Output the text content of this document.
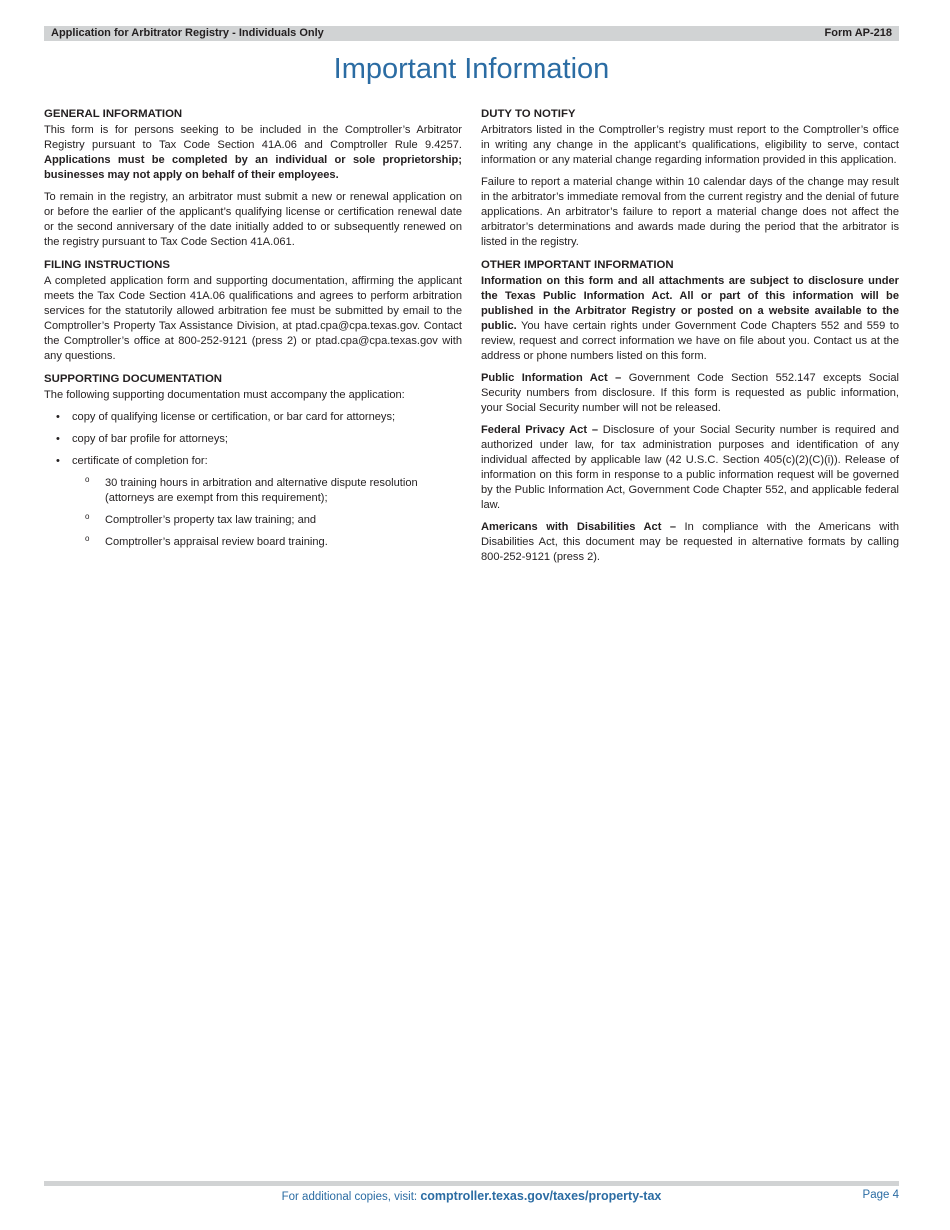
Application for Arbitrator Registry - Individuals Only	Form AP-218
Important Information
GENERAL INFORMATION

This form is for persons seeking to be included in the Comptroller’s Arbitrator Registry pursuant to Tax Code Section 41A.06 and Comptroller Rule 9.4257. Applications must be completed by an individual or sole proprietorship; businesses may not apply on behalf of their employees.

To remain in the registry, an arbitrator must submit a new or renewal application on or before the earlier of the applicant’s qualifying license or certification renewal date or the second anniversary of the date initially added to or subsequently renewed on the registry pursuant to Tax Code Section 41A.061.

FILING INSTRUCTIONS

A completed application form and supporting documentation, affirming the applicant meets the Tax Code Section 41A.06 qualifications and agrees to perform arbitration services for the statutorily allowed arbitration fee must be submitted by email to the Comptroller’s Property Tax Assistance Division, at ptad.cpa@cpa.texas.gov. Contact the Comptroller’s office at 800-252-9121 (press 2) or ptad.cpa@cpa.texas.gov with any questions.

SUPPORTING DOCUMENTATION

The following supporting documentation must accompany the application:

• copy of qualifying license or certification, or bar card for attorneys;
• copy of bar profile for attorneys;
• certificate of completion for:
o 30 training hours in arbitration and alternative dispute resolution (attorneys are exempt from this requirement);
o Comptroller’s property tax law training; and
o Comptroller’s appraisal review board training.
DUTY TO NOTIFY

Arbitrators listed in the Comptroller’s registry must report to the Comptroller’s office in writing any change in the applicant’s qualifications, eligibility to serve, contact information or any material change regarding information provided in this application.

Failure to report a material change within 10 calendar days of the change may result in the arbitrator’s immediate removal from the current registry and the denial of future applications. An arbitrator’s failure to report a material change does not affect the arbitrator’s determinations and awards made during the period that the arbitrator is listed in the registry.

OTHER IMPORTANT INFORMATION

Information on this form and all attachments are subject to disclosure under the Texas Public Information Act. All or part of this information will be published in the Arbitrator Registry or posted on a website available to the public. You have certain rights under Government Code Chapters 552 and 559 to review, request and correct information we have on file about you. Contact us at the address or phone numbers listed on this form.

Public Information Act – Government Code Section 552.147 excepts Social Security numbers from disclosure. If this form is requested as public information, your Social Security number will not be released.

Federal Privacy Act – Disclosure of your Social Security number is required and authorized under law, for tax administration purposes and identification of any individual affected by applicable law (42 U.S.C. Section 405(c)(2)(C)(i)). Release of information on this form in response to a public information request will be governed by the Public Information Act, Government Code Chapter 552, and applicable federal law.

Americans with Disabilities Act – In compliance with the Americans with Disabilities Act, this document may be requested in alternative formats by calling 800-252-9121 (press 2).

For additional copies, visit: comptroller.texas.gov/taxes/property-tax	Page 4
